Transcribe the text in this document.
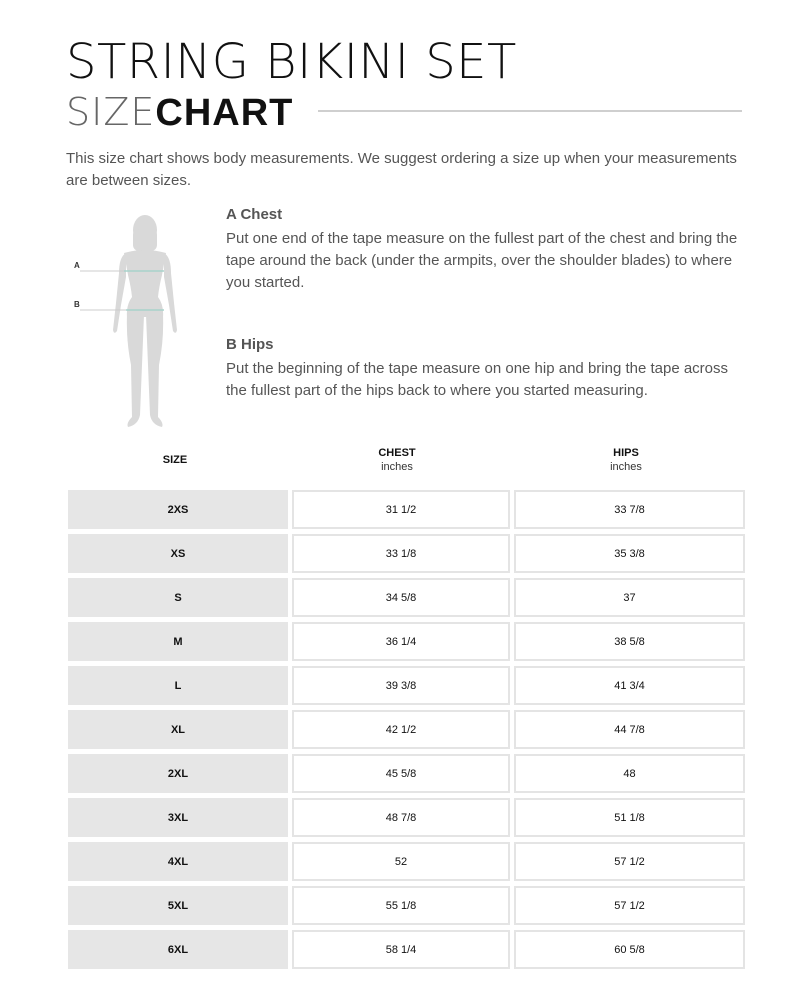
STRING BIKINI SET
SIZECHART

This size chart shows body measurements. We suggest ordering a size up when your measurements are between sizes.

A
B
A Chest

Put one end of the tape measure on the fullest part of the chest and bring the tape around the back (under the armpits, over the shoulder blades) to where you started.

B Hips

Put the beginning of the tape measure on one hip and bring the tape across the fullest part of the hips back to where you started measuring.

SIZE
CHEST
inches
HIPS
inches
2XS	31 1/2	33 7/8
XS	33 1/8	35 3/8
S	34 5/8	37
M	36 1/4	38 5/8
L	39 3/8	41 3/4
XL	42 1/2	44 7/8
2XL	45 5/8	48
3XL	48 7/8	51 1/8
4XL	52	57 1/2
5XL	55 1/8	57 1/2
6XL	58 1/4	60 5/8
